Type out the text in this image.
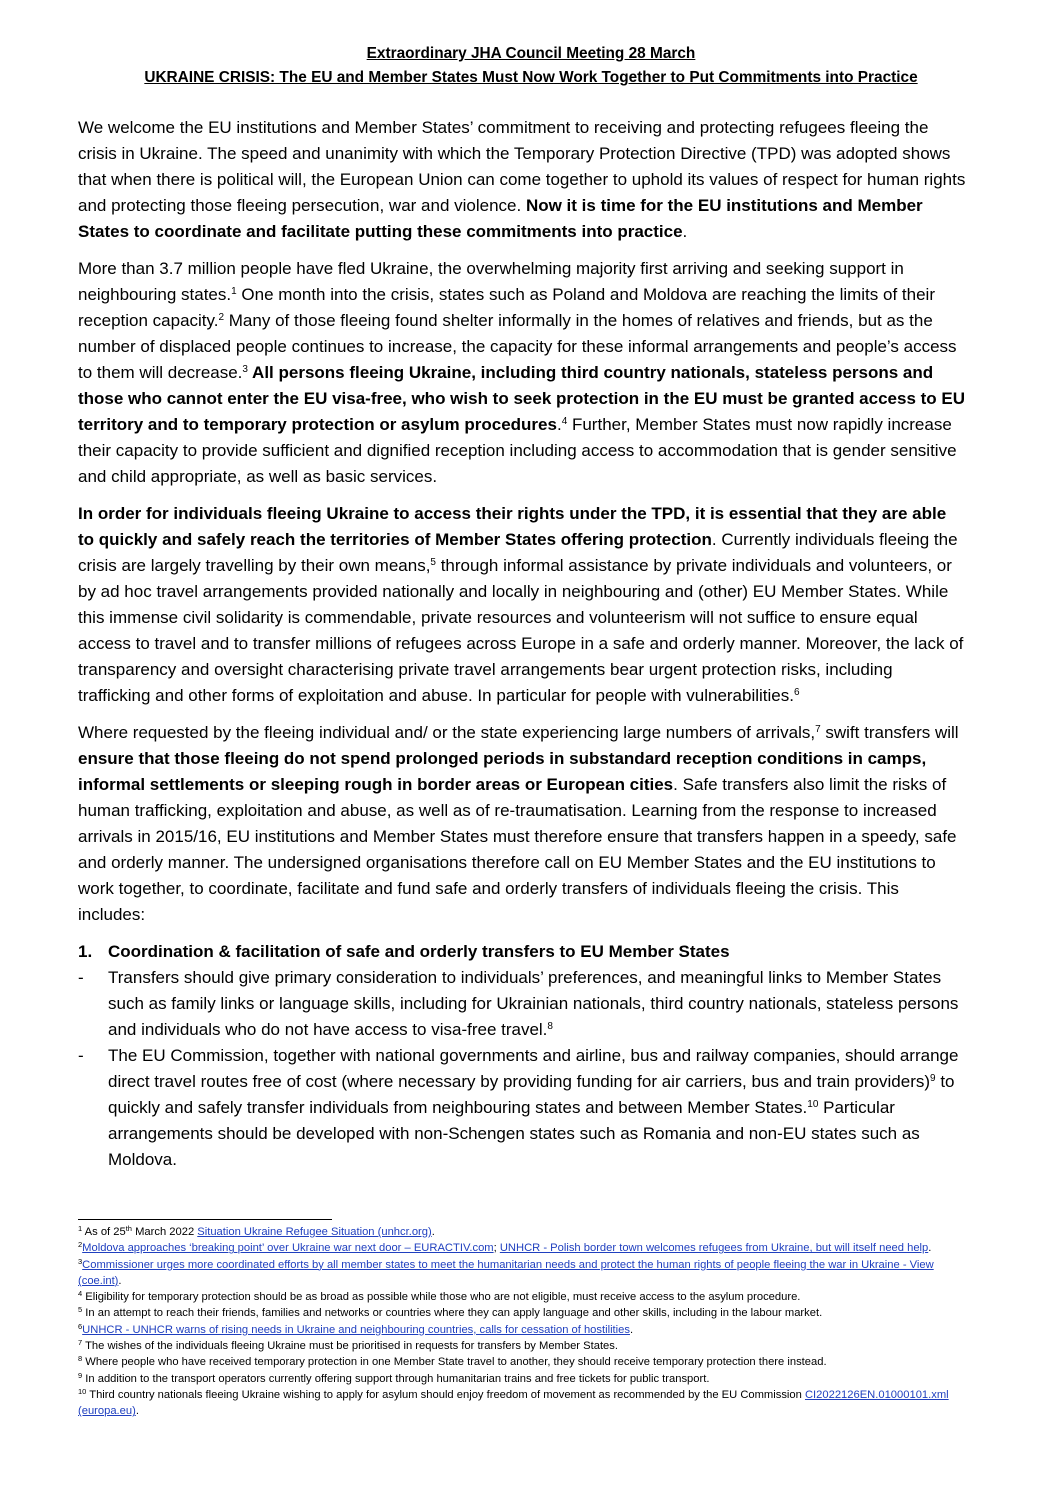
Extraordinary JHA Council Meeting 28 March
UKRAINE CRISIS: The EU and Member States Must Now Work Together to Put Commitments into Practice

We welcome the EU institutions and Member States’ commitment to receiving and protecting refugees fleeing the crisis in Ukraine. The speed and unanimity with which the Temporary Protection Directive (TPD) was adopted shows that when there is political will, the European Union can come together to uphold its values of respect for human rights and protecting those fleeing persecution, war and violence. Now it is time for the EU institutions and Member States to coordinate and facilitate putting these commitments into practice.

More than 3.7 million people have fled Ukraine, the overwhelming majority first arriving and seeking support in neighbouring states.$^1$ One month into the crisis, states such as Poland and Moldova are reaching the limits of their reception capacity.$^2$ Many of those fleeing found shelter informally in the homes of relatives and friends, but as the number of displaced people continues to increase, the capacity for these informal arrangements and people’s access to them will decrease.$^3$ All persons fleeing Ukraine, including third country nationals, stateless persons and those who cannot enter the EU visa-free, who wish to seek protection in the EU must be granted access to EU territory and to temporary protection or asylum procedures.$^4$ Further, Member States must now rapidly increase their capacity to provide sufficient and dignified reception including access to accommodation that is gender sensitive and child appropriate, as well as basic services.

In order for individuals fleeing Ukraine to access their rights under the TPD, it is essential that they are able to quickly and safely reach the territories of Member States offering protection. Currently individuals fleeing the crisis are largely travelling by their own means,$^5$ through informal assistance by private individuals and volunteers, or by ad hoc travel arrangements provided nationally and locally in neighbouring and (other) EU Member States. While this immense civil solidarity is commendable, private resources and volunteerism will not suffice to ensure equal access to travel and to transfer millions of refugees across Europe in a safe and orderly manner. Moreover, the lack of transparency and oversight characterising private travel arrangements bear urgent protection risks, including trafficking and other forms of exploitation and abuse. In particular for people with vulnerabilities.$^6$

Where requested by the fleeing individual and/ or the state experiencing large numbers of arrivals,$^7$ swift transfers will ensure that those fleeing do not spend prolonged periods in substandard reception conditions in camps, informal settlements or sleeping rough in border areas or European cities. Safe transfers also limit the risks of human trafficking, exploitation and abuse, as well as of re-traumatisation. Learning from the response to increased arrivals in 2015/16, EU institutions and Member States must therefore ensure that transfers happen in a speedy, safe and orderly manner. The undersigned organisations therefore call on EU Member States and the EU institutions to work together, to coordinate, facilitate and fund safe and orderly transfers of individuals fleeing the crisis. This includes:

1. Coordination & facilitation of safe and orderly transfers to EU Member States
-	Transfers should give primary consideration to individuals’ preferences, and meaningful links to Member States such as family links or language skills, including for Ukrainian nationals, third country nationals, stateless persons and individuals who do not have access to visa-free travel.$^8$
-	The EU Commission, together with national governments and airline, bus and railway companies, should arrange direct travel routes free of cost (where necessary by providing funding for air carriers, bus and train providers)$^9$ to quickly and safely transfer individuals from neighbouring states and between Member States.$^{10}$ Particular arrangements should be developed with non-Schengen states such as Romania and non-EU states such as Moldova.

$^1$ As of 25th March 2022 Situation Ukraine Refugee Situation (unhcr.org).

$^2$Moldova approaches ‘breaking point’ over Ukraine war next door – EURACTIV.com; UNHCR - Polish border town welcomes refugees from Ukraine, but will itself need help.

$^3$Commissioner urges more coordinated efforts by all member states to meet the humanitarian needs and protect the human rights of people fleeing the war in Ukraine - View (coe.int).

$^4$ Eligibility for temporary protection should be as broad as possible while those who are not eligible, must receive access to the asylum procedure.

$^5$ In an attempt to reach their friends, families and networks or countries where they can apply language and other skills, including in the labour market.

$^6$UNHCR - UNHCR warns of rising needs in Ukraine and neighbouring countries, calls for cessation of hostilities.

$^7$ The wishes of the individuals fleeing Ukraine must be prioritised in requests for transfers by Member States.

$^8$ Where people who have received temporary protection in one Member State travel to another, they should receive temporary protection there instead.

$^9$ In addition to the transport operators currently offering support through humanitarian trains and free tickets for public transport.

$^{10}$ Third country nationals fleeing Ukraine wishing to apply for asylum should enjoy freedom of movement as recommended by the EU Commission CI2022126EN.01000101.xml (europa.eu).
